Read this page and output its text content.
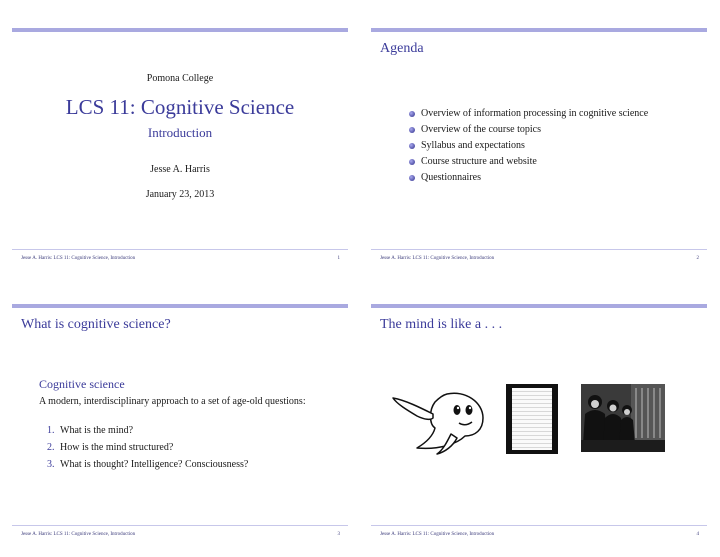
Pomona College
LCS 11: Cognitive Science
Introduction
Jesse A. Harris
January 23, 2013
Jesse A. Harris: LCS 11: Cognitive Science, Introduction	1
Agenda
Overview of information processing in cognitive science
Overview of the course topics
Syllabus and expectations
Course structure and website
Questionnaires
Jesse A. Harris: LCS 11: Cognitive Science, Introduction	2
What is cognitive science?
Cognitive science
A modern, interdisciplinary approach to a set of age-old questions:
1. What is the mind?
2. How is the mind structured?
3. What is thought? Intelligence? Consciousness?
Jesse A. Harris: LCS 11: Cognitive Science, Introduction	3
The mind is like a . . .
Jesse A. Harris: LCS 11: Cognitive Science, Introduction	4
